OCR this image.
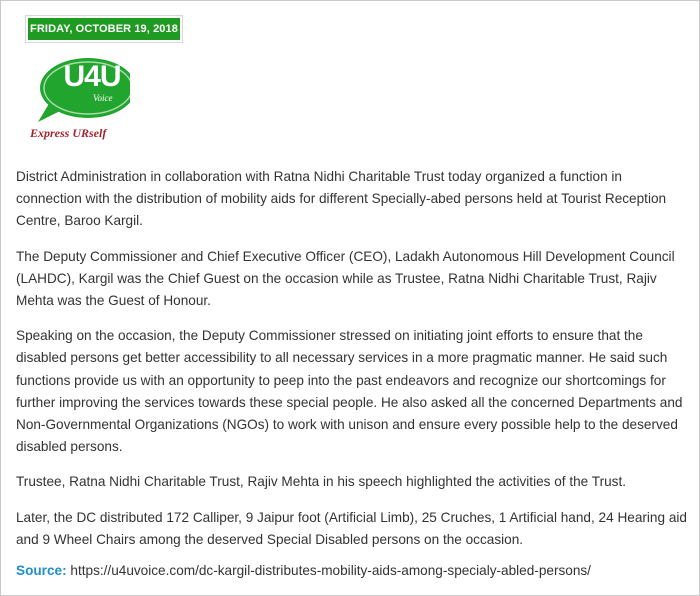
FRIDAY, OCTOBER 19, 2018
U4U
Voice
Express URself

District Administration in collaboration with Ratna Nidhi Charitable Trust today organized a function in connection with the distribution of mobility aids for different Specially-abed persons held at Tourist Reception Centre, Baroo Kargil.

The Deputy Commissioner and Chief Executive Officer (CEO), Ladakh Autonomous Hill Development Council (LAHDC), Kargil was the Chief Guest on the occasion while as Trustee, Ratna Nidhi Charitable Trust, Rajiv Mehta was the Guest of Honour.

Speaking on the occasion, the Deputy Commissioner stressed on initiating joint efforts to ensure that the disabled persons get better accessibility to all necessary services in a more pragmatic manner. He said such functions provide us with an opportunity to peep into the past endeavors and recognize our shortcomings for further improving the services towards these special people. He also asked all the concerned Departments and Non-Governmental Organizations (NGOs) to work with unison and ensure every possible help to the deserved disabled persons.

Trustee, Ratna Nidhi Charitable Trust, Rajiv Mehta in his speech highlighted the activities of the Trust.

Later, the DC distributed 172 Calliper, 9 Jaipur foot (Artificial Limb), 25 Cruches, 1 Artificial hand, 24 Hearing aid and 9 Wheel Chairs among the deserved Special Disabled persons on the occasion.

Source: https://u4uvoice.com/dc-kargil-distributes-mobility-aids-among-specialy-abled-persons/
